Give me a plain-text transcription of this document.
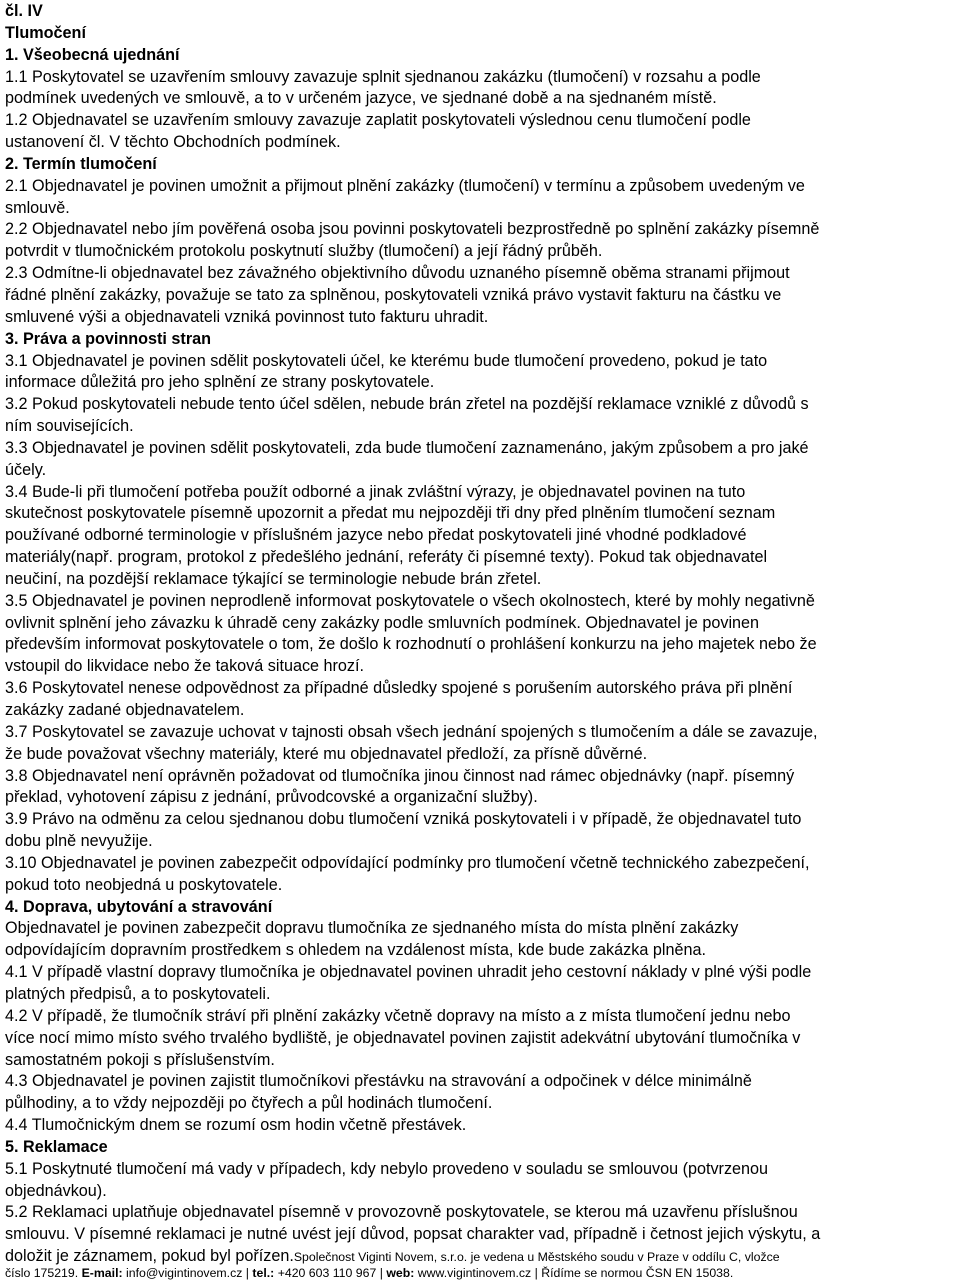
čl. IV
Tlumočení
1. Všeobecná ujednání
1.1 Poskytovatel se uzavřením smlouvy zavazuje splnit sjednanou zakázku (tlumočení) v rozsahu a podle
podmínek uvedených ve smlouvě, a to v určeném jazyce, ve sjednané době a na sjednaném místě.
1.2 Objednavatel se uzavřením smlouvy zavazuje zaplatit poskytovateli výslednou cenu tlumočení podle
ustanovení čl. V těchto Obchodních podmínek.
2. Termín tlumočení
2.1 Objednavatel je povinen umožnit a přijmout plnění zakázky (tlumočení) v termínu a způsobem uvedeným ve
smlouvě.
2.2 Objednavatel nebo jím pověřená osoba jsou povinni poskytovateli bezprostředně po splnění zakázky písemně
potvrdit v tlumočnickém protokolu poskytnutí služby (tlumočení) a její řádný průběh.
2.3 Odmítne-li objednavatel bez závažného objektivního důvodu uznaného písemně oběma stranami přijmout
řádné plnění zakázky, považuje se tato za splněnou, poskytovateli vzniká právo vystavit fakturu na částku ve
smluvené výši a objednavateli vzniká povinnost tuto fakturu uhradit.
3. Práva a povinnosti stran
3.1 Objednavatel je povinen sdělit poskytovateli účel, ke kterému bude tlumočení provedeno, pokud je tato
informace důležitá pro jeho splnění ze strany poskytovatele.
3.2 Pokud poskytovateli nebude tento účel sdělen, nebude brán zřetel na pozdější reklamace vzniklé z důvodů s
ním souvisejících.
3.3 Objednavatel je povinen sdělit poskytovateli, zda bude tlumočení zaznamenáno, jakým způsobem a pro jaké
účely.
3.4 Bude-li při tlumočení potřeba použít odborné a jinak zvláštní výrazy, je objednavatel povinen na tuto
skutečnost poskytovatele písemně upozornit a předat mu nejpozději tři dny před plněním tlumočení seznam
používané odborné terminologie v příslušném jazyce nebo předat poskytovateli jiné vhodné podkladové
materiály(např. program, protokol z předešlého jednání, referáty či písemné texty). Pokud tak objednavatel
neučiní, na pozdější reklamace týkající se terminologie nebude brán zřetel.
3.5 Objednavatel je povinen neprodleně informovat poskytovatele o všech okolnostech, které by mohly negativně
ovlivnit splnění jeho závazku k úhradě ceny zakázky podle smluvních podmínek. Objednavatel je povinen
především informovat poskytovatele o tom, že došlo k rozhodnutí o prohlášení konkurzu na jeho majetek nebo že
vstoupil do likvidace nebo že taková situace hrozí.
3.6 Poskytovatel nenese odpovědnost za případné důsledky spojené s porušením autorského práva při plnění
zakázky zadané objednavatelem.
3.7 Poskytovatel se zavazuje uchovat v tajnosti obsah všech jednání spojených s tlumočením a dále se zavazuje,
že bude považovat všechny materiály, které mu objednavatel předloží, za přísně důvěrné.
3.8 Objednavatel není oprávněn požadovat od tlumočníka jinou činnost nad rámec objednávky (např. písemný
překlad, vyhotovení zápisu z jednání, průvodcovské a organizační služby).
3.9 Právo na odměnu za celou sjednanou dobu tlumočení vzniká poskytovateli i v případě, že objednavatel tuto
dobu plně nevyužije.
3.10 Objednavatel je povinen zabezpečit odpovídající podmínky pro tlumočení včetně technického zabezpečení,
pokud toto neobjedná u poskytovatele.
4. Doprava, ubytování a stravování
Objednavatel je povinen zabezpečit dopravu tlumočníka ze sjednaného místa do místa plnění zakázky
odpovídajícím dopravním prostředkem s ohledem na vzdálenost místa, kde bude zakázka plněna.
4.1 V případě vlastní dopravy tlumočníka je objednavatel povinen uhradit jeho cestovní náklady v plné výši podle
platných předpisů, a to poskytovateli.
4.2 V případě, že tlumočník stráví při plnění zakázky včetně dopravy na místo a z místa tlumočení jednu nebo
více nocí mimo místo svého trvalého bydliště, je objednavatel povinen zajistit adekvátní ubytování tlumočníka v
samostatném pokoji s příslušenstvím.
4.3 Objednavatel je povinen zajistit tlumočníkovi přestávku na stravování a odpočinek v délce minimálně
půlhodiny, a to vždy nejpozději po čtyřech a půl hodinách tlumočení.
4.4 Tlumočnickým dnem se rozumí osm hodin včetně přestávek.
5. Reklamace
5.1 Poskytnuté tlumočení má vady v případech, kdy nebylo provedeno v souladu se smlouvou (potvrzenou
objednávkou).
5.2 Reklamaci uplatňuje objednavatel písemně v provozovně poskytovatele, se kterou má uzavřenu příslušnou
smlouvu. V písemné reklamaci je nutné uvést její důvod, popsat charakter vad, případně i četnost jejich výskytu, a
doložit je záznamem, pokud byl pořízen.Společnost Viginti Novem, s.r.o. je vedena u Městského soudu v Praze v oddílu C, vložce
číslo 175219. E-mail: info@vigintinovem.cz | tel.: +420 603 110 967 | web: www.vigintinovem.cz | Řídíme se normou ČSN EN 15038.
